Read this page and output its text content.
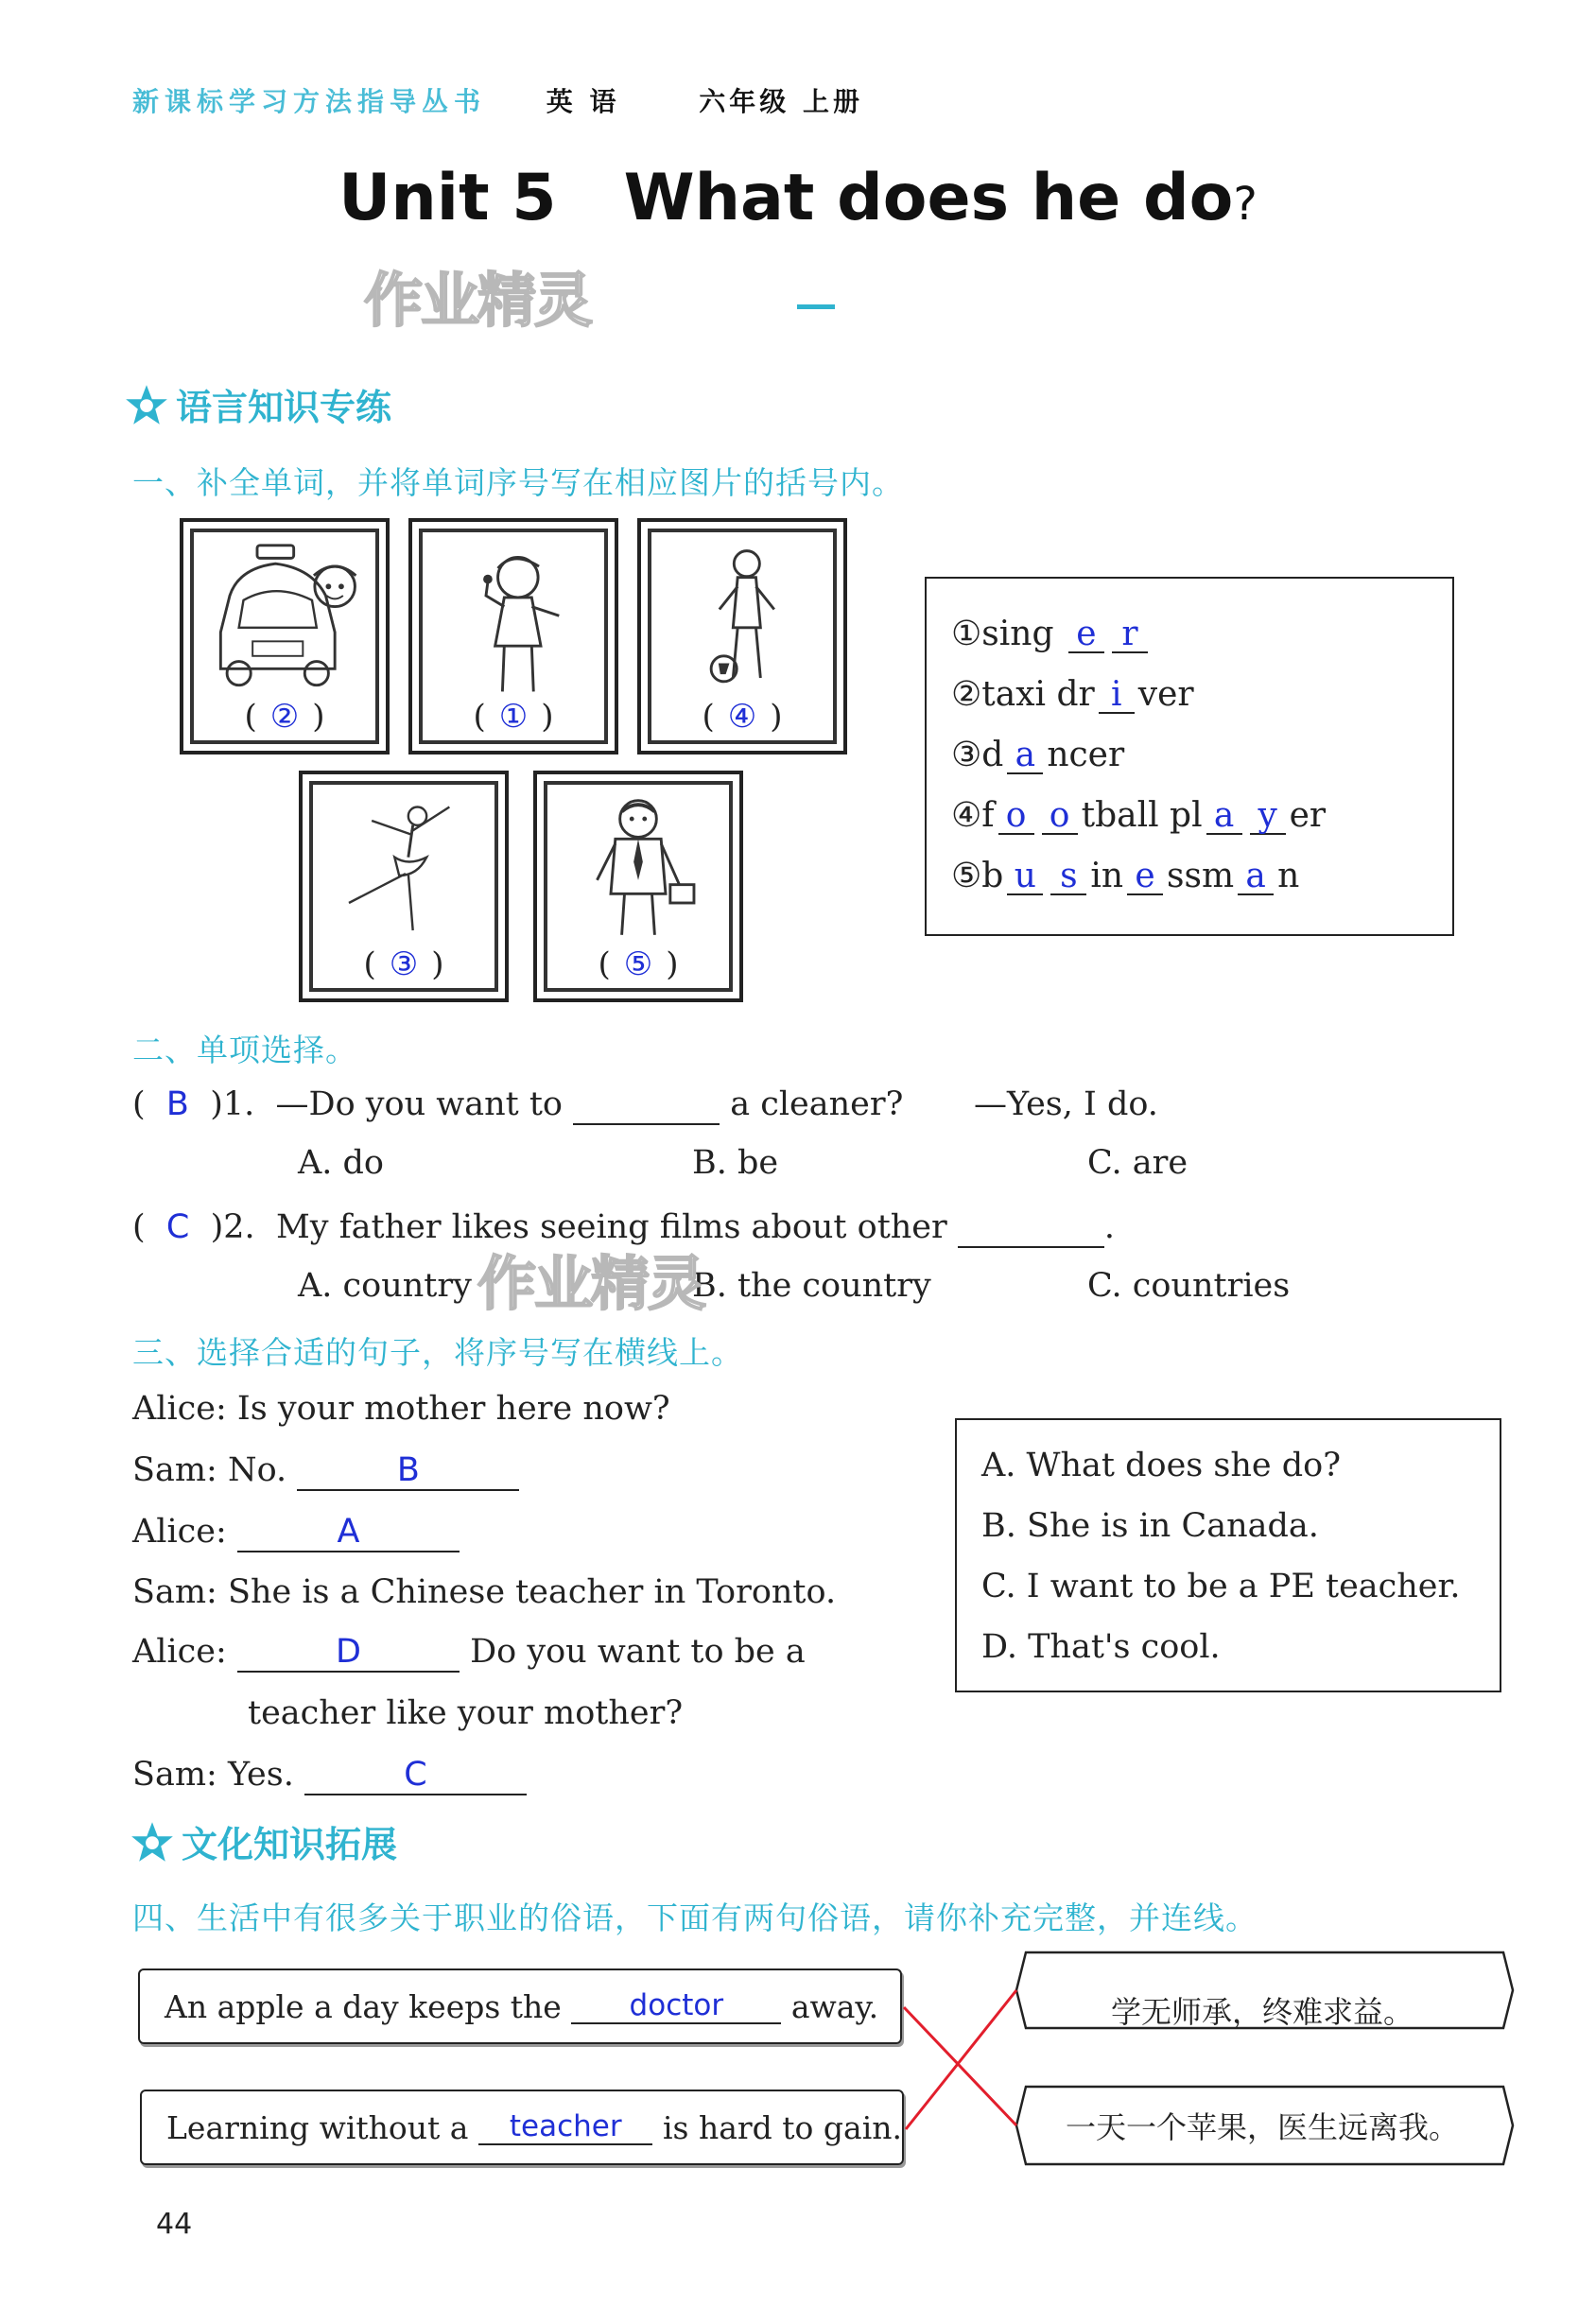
新课标学习方法指导丛书 英 语	六年级 上册
Unit 5 What does he do?
作业精灵
语言知识专练
一、补全单词，并将单词序号写在相应图片的括号内。
( ② )	( ① )	( ④ )
( ③ )	( ⑤ )
①sing e r
②taxi dr i ver
③d a ncer
④f o o tball pl a y er
⑤b u s in e ssm a n
二、单项选择。
(  B )1. —Do you want to	a cleaner? —Yes, I do.
A. do	B. be	C. are
(  C )2. My father likes seeing films about other	.
A. country	B. the country	C. countries
作业精灵
三、选择合适的句子，将序号写在横线上。
Alice: Is your mother here now?
Sam: No.	B
Alice:	A
Sam: She is a Chinese teacher in Toronto.
Alice:	D	Do you want to be a
teacher like your mother?
Sam: Yes.	C
A. What does she do?
B. She is in Canada.
C. I want to be a PE teacher.
D. That's cool.
文化知识拓展
四、生活中有很多关于职业的俗语，下面有两句俗语，请你补充完整，并连线。
An apple a day keeps the
	doctor
	away.
Learning without a
	teacher
	is hard to gain.
学无师承，终难求益。
一天一个苹果，医生远离我。
44
